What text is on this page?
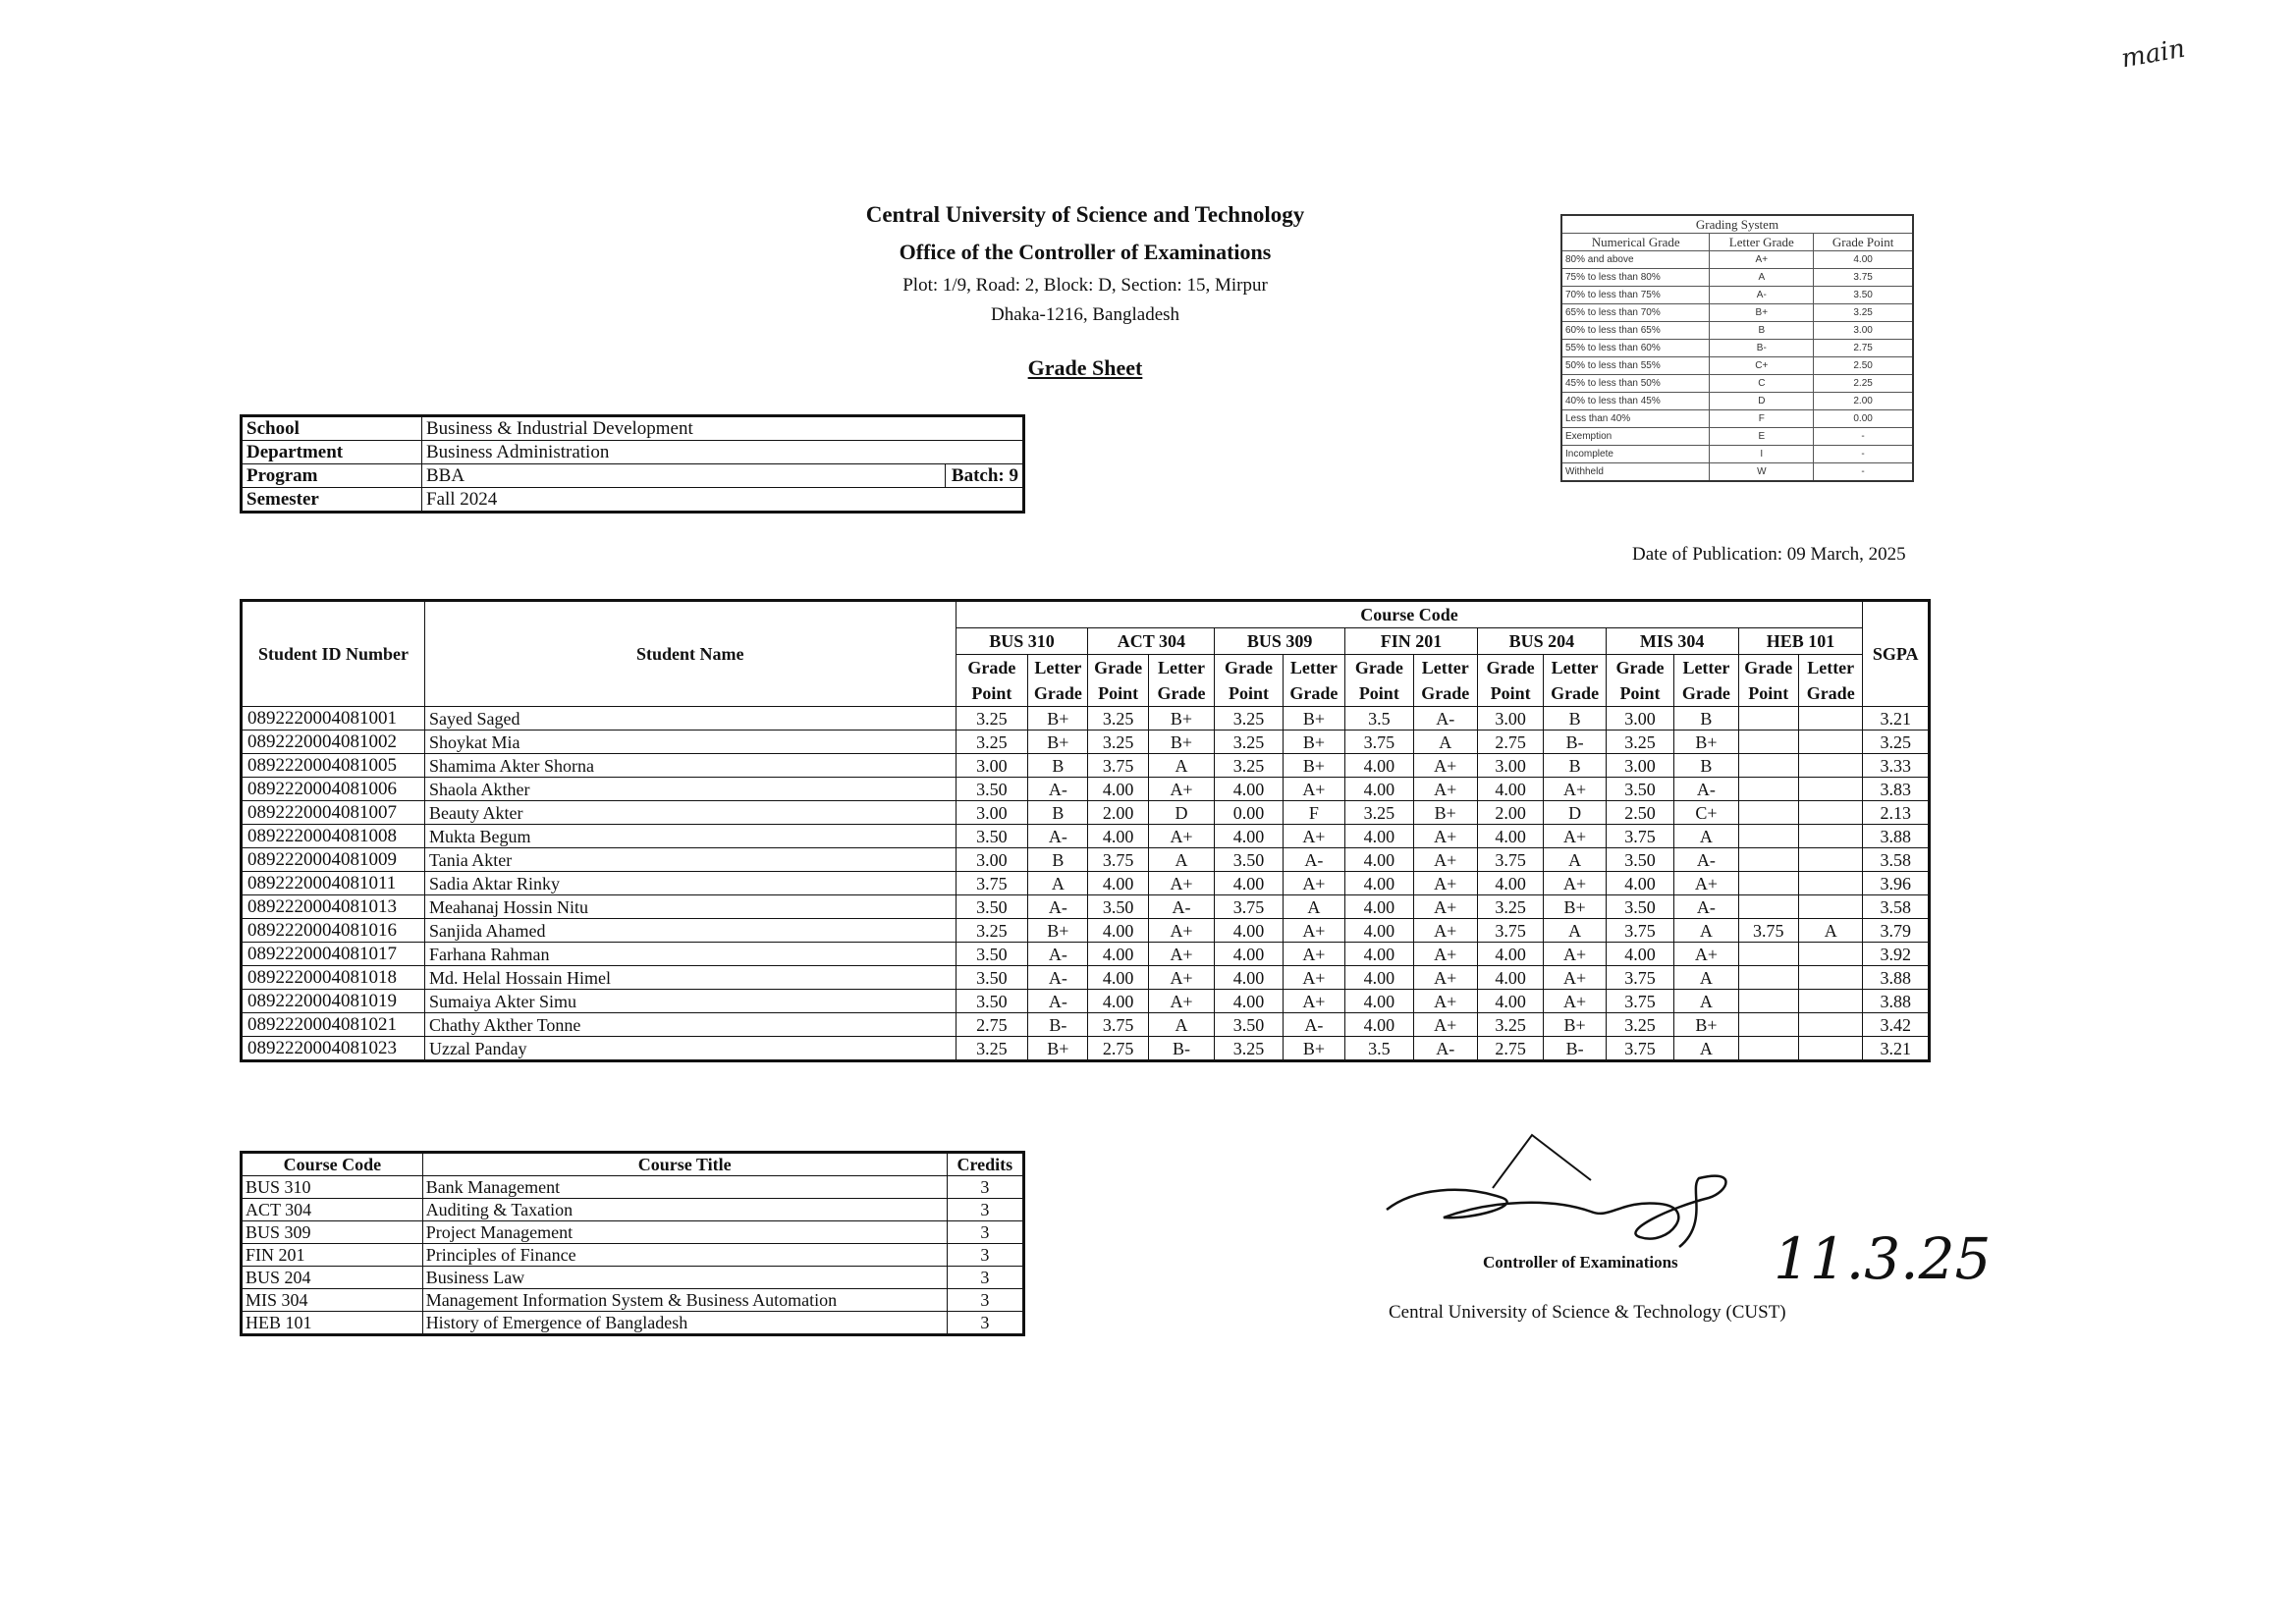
main
Central University of Science and Technology
Office of the Controller of Examinations
Plot: 1/9, Road: 2, Block: D, Section: 15, Mirpur
Dhaka-1216, Bangladesh
Grade Sheet
School	Business & Industrial Development	
Department	Business Administration	
Program	BBA	Batch: 9
Semester	Fall 2024	
Grading System		
Numerical Grade	Letter Grade	Grade Point
80% and above	A+	4.00
75% to less than 80%	A	3.75
70% to less than 75%	A-	3.50
65% to less than 70%	B+	3.25
60% to less than 65%	B	3.00
55% to less than 60%	B-	2.75
50% to less than 55%	C+	2.50
45% to less than 50%	C	2.25
40% to less than 45%	D	2.00
Less than 40%	F	0.00
Exemption	E	-
Incomplete	I	-
Withheld	W	-
Date of Publication: 09 March, 2025
Student ID Number	Student Name	Course Code														SGPA
		BUS 310		ACT 304		BUS 309		FIN 201		BUS 204		MIS 304		HEB 101		
		Grade Point	Letter Grade	Grade Point	Letter Grade	Grade Point	Letter Grade	Grade Point	Letter Grade	Grade Point	Letter Grade	Grade Point	Letter Grade	Grade Point	Letter Grade	
0892220004081001	Sayed Saged	3.25	B+	3.25	B+	3.25	B+	3.5	A-	3.00	B	3.00	B			3.21
0892220004081002	Shoykat Mia	3.25	B+	3.25	B+	3.25	B+	3.75	A	2.75	B-	3.25	B+			3.25
0892220004081005	Shamima Akter Shorna	3.00	B	3.75	A	3.25	B+	4.00	A+	3.00	B	3.00	B			3.33
0892220004081006	Shaola Akther	3.50	A-	4.00	A+	4.00	A+	4.00	A+	4.00	A+	3.50	A-			3.83
0892220004081007	Beauty Akter	3.00	B	2.00	D	0.00	F	3.25	B+	2.00	D	2.50	C+			2.13
0892220004081008	Mukta Begum	3.50	A-	4.00	A+	4.00	A+	4.00	A+	4.00	A+	3.75	A			3.88
0892220004081009	Tania Akter	3.00	B	3.75	A	3.50	A-	4.00	A+	3.75	A	3.50	A-			3.58
0892220004081011	Sadia Aktar Rinky	3.75	A	4.00	A+	4.00	A+	4.00	A+	4.00	A+	4.00	A+			3.96
0892220004081013	Meahanaj Hossin Nitu	3.50	A-	3.50	A-	3.75	A	4.00	A+	3.25	B+	3.50	A-			3.58
0892220004081016	Sanjida Ahamed	3.25	B+	4.00	A+	4.00	A+	4.00	A+	3.75	A	3.75	A	3.75	A	3.79
0892220004081017	Farhana Rahman	3.50	A-	4.00	A+	4.00	A+	4.00	A+	4.00	A+	4.00	A+			3.92
0892220004081018	Md. Helal Hossain Himel	3.50	A-	4.00	A+	4.00	A+	4.00	A+	4.00	A+	3.75	A			3.88
0892220004081019	Sumaiya Akter Simu	3.50	A-	4.00	A+	4.00	A+	4.00	A+	4.00	A+	3.75	A			3.88
0892220004081021	Chathy Akther Tonne	2.75	B-	3.75	A	3.50	A-	4.00	A+	3.25	B+	3.25	B+			3.42
0892220004081023	Uzzal Panday	3.25	B+	2.75	B-	3.25	B+	3.5	A-	2.75	B-	3.75	A			3.21
Course Code	Course Title	Credits
BUS 310	Bank Management	3
ACT 304	Auditing & Taxation	3
BUS 309	Project Management	3
FIN 201	Principles of Finance	3
BUS 204	Business Law	3
MIS 304	Management Information System & Business Automation	3
HEB 101	History of Emergence of Bangladesh	3
11.3.25
Controller of Examinations
Central University of Science & Technology (CUST)
